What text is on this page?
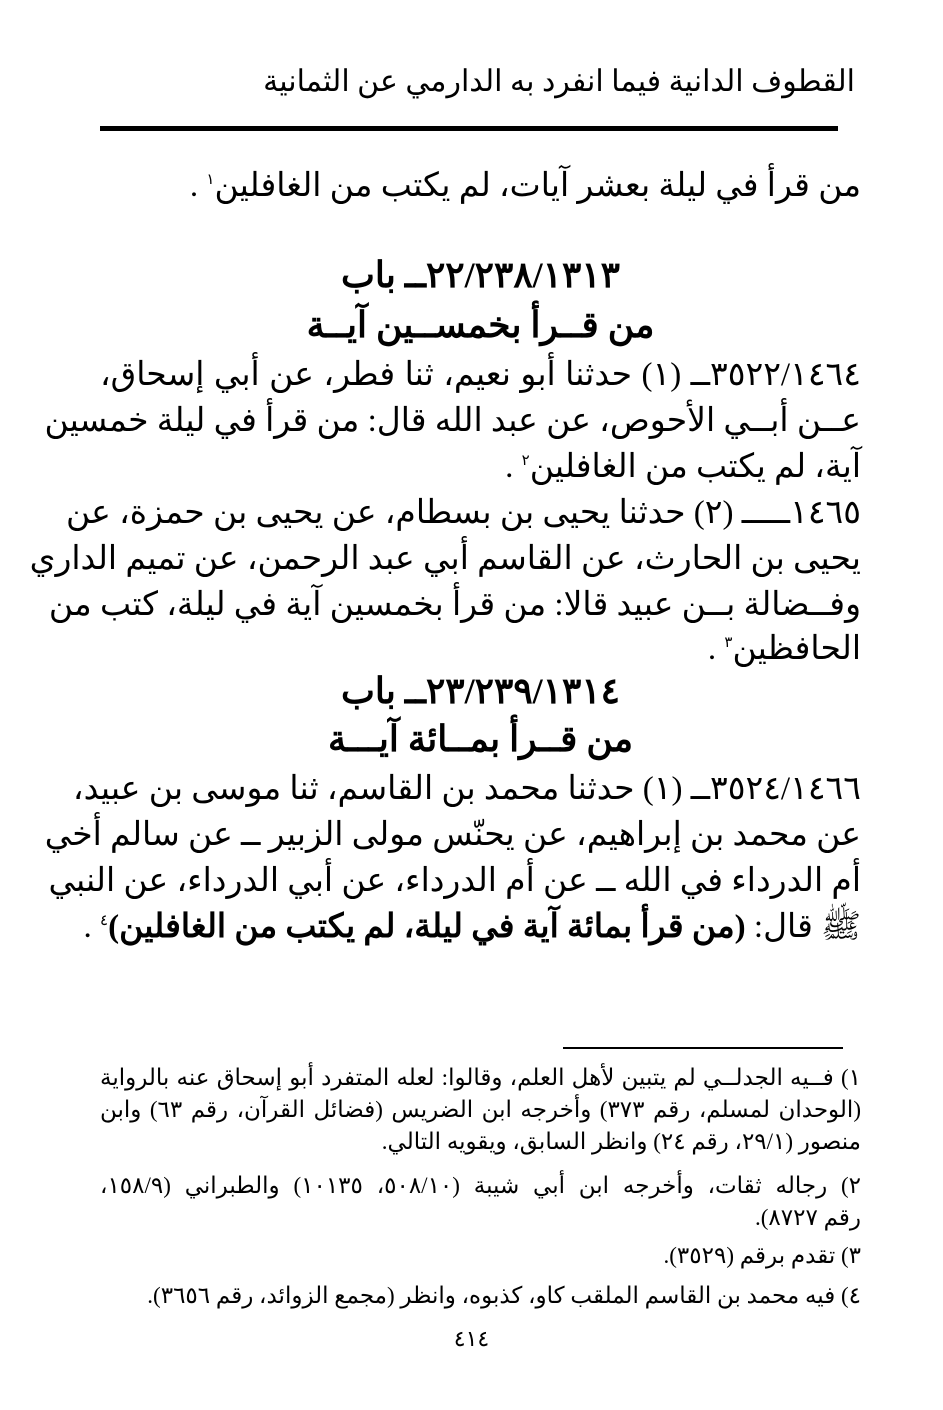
القطوف الدانية فيما انفرد به الدارمي عن الثمانية
من قرأ في ليلة بعشر آيات، لم يكتب من الغافلين$^١$ .
٢٢/٢٣٨/١٣١٣ــ باب
من قــرأ بخمســين آيــة
٣٥٢٢/١٤٦٤ــ (١) حدثنا أبو نعيم، ثنا فطر، عن أبي إسحاق،
عــن أبــي الأحوص، عن عبد الله قال: من قرأ في ليلة خمسين
آية، لم يكتب من الغافلين$^٢$ .
١٤٦٥ـــــ (٢) حدثنا يحيى بن بسطام، عن يحيى بن حمزة، عن
يحيى بن الحارث، عن القاسم أبي عبد الرحمن، عن تميم الداري
وفــضالة بــن عبيد قالا: من قرأ بخمسين آية في ليلة، كتب من
الحافظين$^٣$ .
٢٣/٢٣٩/١٣١٤ــ باب
من قــرأ بمــائة آيـــة
٣٥٢٤/١٤٦٦ــ (١) حدثنا محمد بن القاسم، ثنا موسى بن عبيد،
عن محمد بن إبراهيم، عن يحنّس مولى الزبير ــ عن سالم أخي
أم الدرداء في الله ــ عن أم الدرداء، عن أبي الدرداء، عن النبي
ﷺ قال: (من قرأ بمائة آية في ليلة، لم يكتب من الغافلين)$^٤$ .
١) فــيه الجدلــي لم يتبين لأهل العلم، وقالوا: لعله المتفرد أبو إسحاق عنه بالرواية
(الوحدان لمسلم، رقم ٣٧٣) وأخرجه ابن الضريس (فضائل القرآن، رقم ٦٣) وابن
منصور (٢٩/١، رقم ٢٤) وانظر السابق، ويقويه التالي.
٢) رجاله ثقات، وأخرجه ابن أبي شيبة (٥٠٨/١٠، ١٠١٣٥) والطبراني (١٥٨/٩،
رقم ٨٧٢٧).
٣) تقدم برقم (٣٥٢٩).
٤) فيه محمد بن القاسم الملقب كاو، كذبوه، وانظر (مجمع الزوائد، رقم ٣٦٥٦).
٤١٤
